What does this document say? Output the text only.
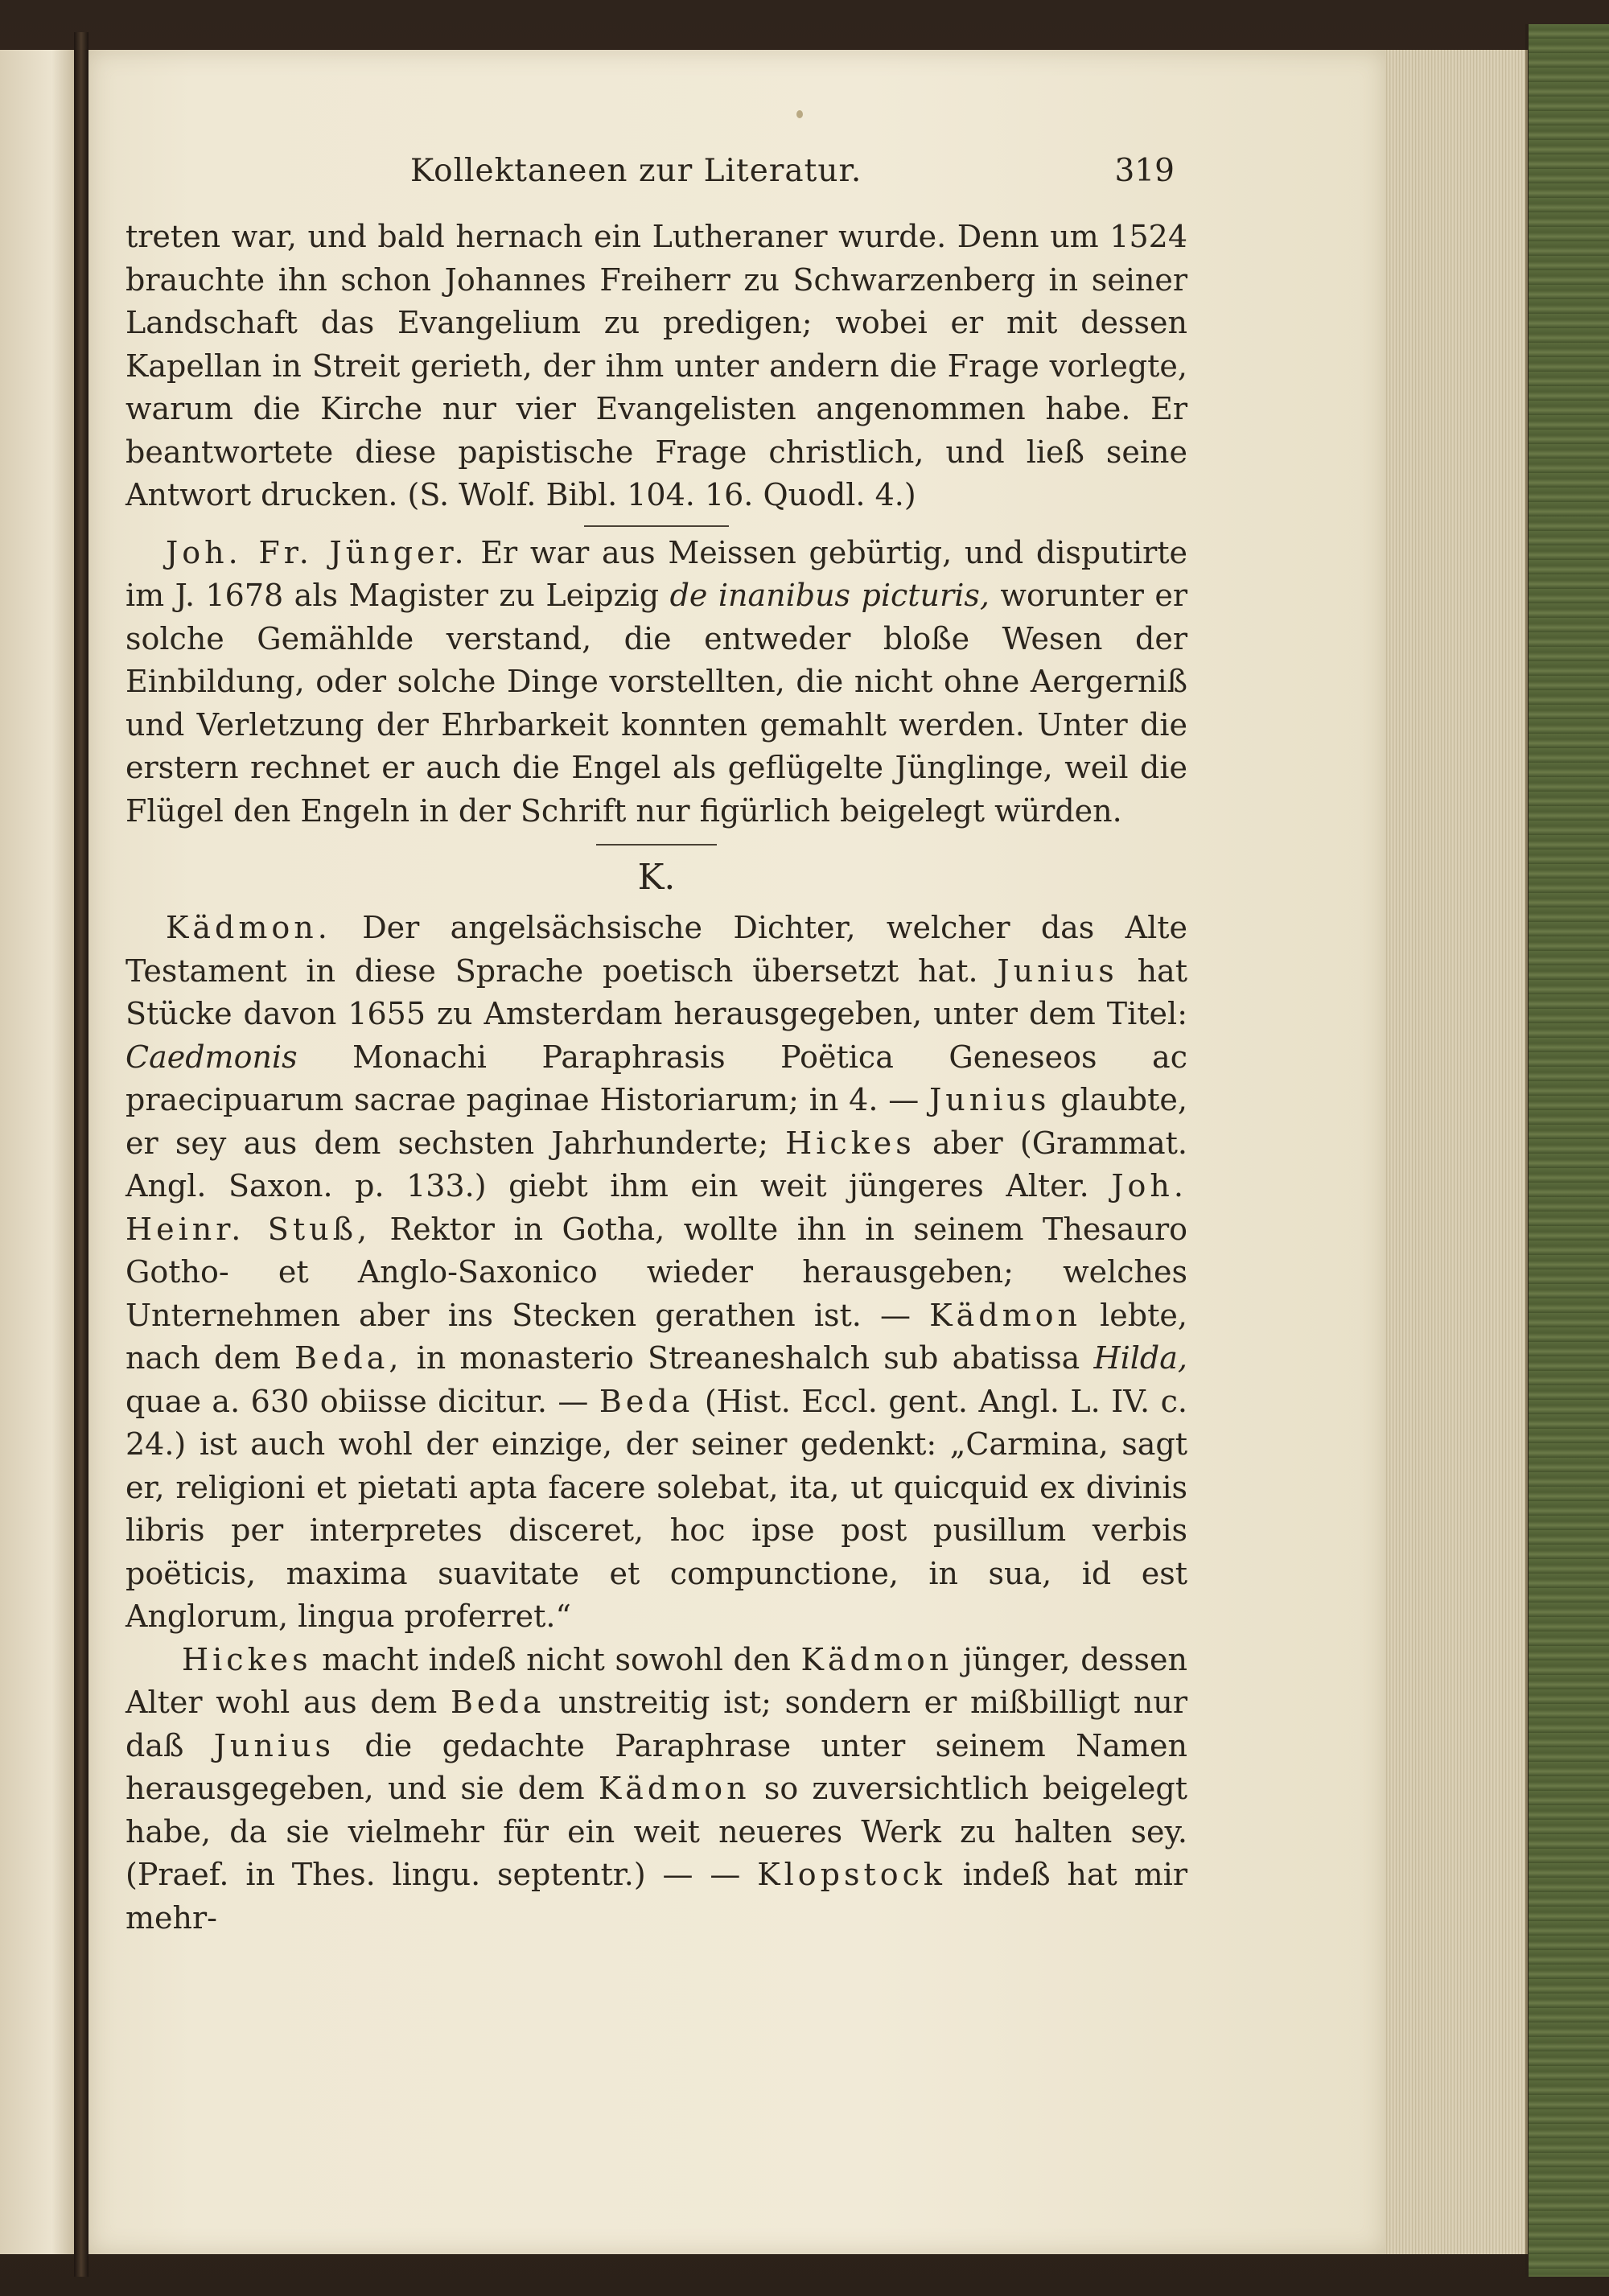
Kollektaneen zur Literatur.	319

treten war, und bald hernach ein Lutheraner wurde. Denn um 1524 brauchte ihn schon Johannes Freiherr zu Schwarzenberg in seiner Landschaft das Evangelium zu predigen; wobei er mit dessen Kapellan in Streit gerieth, der ihm unter andern die Frage vorlegte, warum die Kirche nur vier Evangelisten angenommen habe. Er beantwortete diese papistische Frage christlich, und ließ seine Antwort drucken. (S. Wolf. Bibl. 104. 16. Quodl. 4.)

Joh. Fr. Jünger. Er war aus Meissen gebürtig, und disputirte im J. 1678 als Magister zu Leipzig de inanibus picturis, worunter er solche Gemählde verstand, die entweder bloße Wesen der Einbildung, oder solche Dinge vorstellten, die nicht ohne Aergerniß und Verletzung der Ehrbarkeit konnten gemahlt werden. Unter die erstern rechnet er auch die Engel als geflügelte Jünglinge, weil die Flügel den Engeln in der Schrift nur figürlich beigelegt würden.

K.

Kädmon. Der angelsächsische Dichter, welcher das Alte Testament in diese Sprache poetisch übersetzt hat. Junius hat Stücke davon 1655 zu Amsterdam herausgegeben, unter dem Titel: Caedmonis Monachi Paraphrasis Poëtica Geneseos ac praecipuarum sacrae paginae Historiarum; in 4. — Junius glaubte, er sey aus dem sechsten Jahrhunderte; Hickes aber (Grammat. Angl. Saxon. p. 133.) giebt ihm ein weit jüngeres Alter. Joh. Heinr. Stuß, Rektor in Gotha, wollte ihn in seinem Thesauro Gotho- et Anglo-Saxonico wieder herausgeben; welches Unternehmen aber ins Stecken gerathen ist. — Kädmon lebte, nach dem Beda, in monasterio Streaneshalch sub abatissa Hilda, quae a. 630 obiisse dicitur. — Beda (Hist. Eccl. gent. Angl. L. IV. c. 24.) ist auch wohl der einzige, der seiner gedenkt: „Carmina, sagt er, religioni et pietati apta facere solebat, ita, ut quicquid ex divinis libris per interpretes disceret, hoc ipse post pusillum verbis poëticis, maxima suavitate et compunctione, in sua, id est Anglorum, lingua proferret.“

Hickes macht indeß nicht sowohl den Kädmon jünger, dessen Alter wohl aus dem Beda unstreitig ist; sondern er mißbilligt nur daß Junius die gedachte Paraphrase unter seinem Namen herausgegeben, und sie dem Kädmon so zuversichtlich beigelegt habe, da sie vielmehr für ein weit neueres Werk zu halten sey. (Praef. in Thes. lingu. septentr.) — — Klopstock indeß hat mir mehr-
